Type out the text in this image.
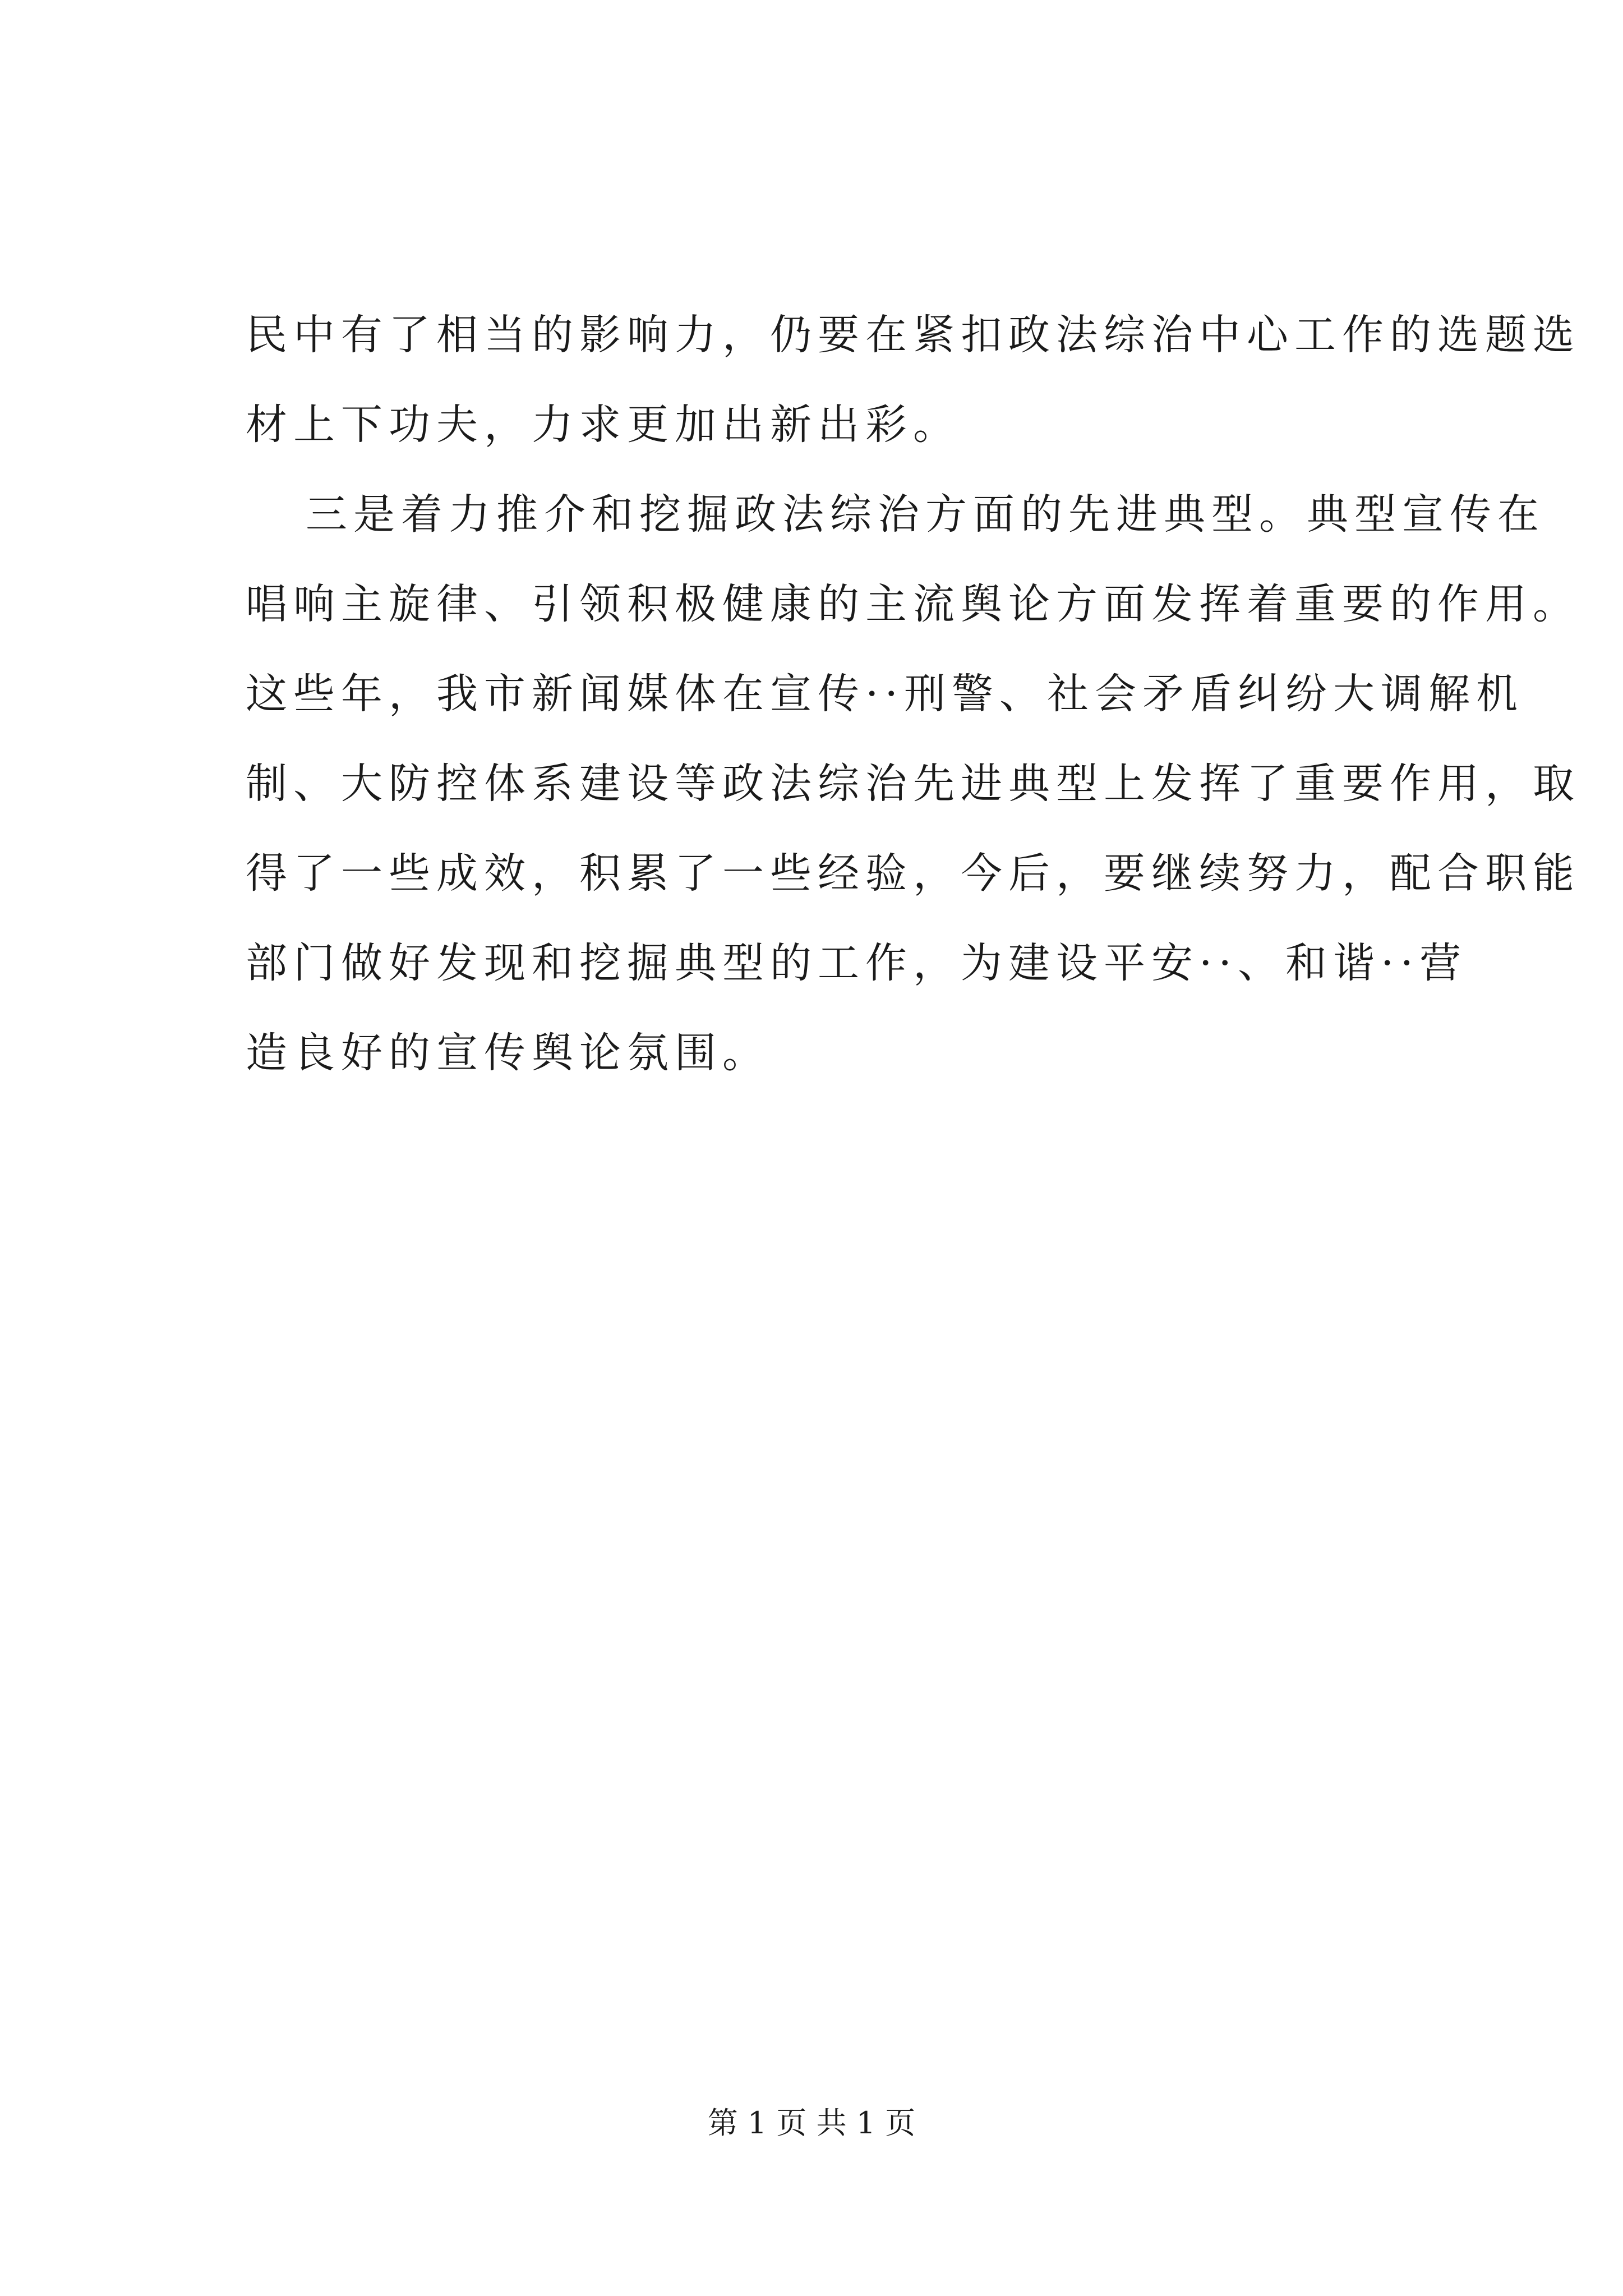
民中有了相当的影响力，仍要在紧扣政法综治中心工作的选题选
材上下功夫，力求更加出新出彩。
三是着力推介和挖掘政法综治方面的先进典型。典型宣传在
唱响主旋律、引领积极健康的主流舆论方面发挥着重要的作用。
这些年，我市新闻媒体在宣传··刑警、社会矛盾纠纷大调解机
制、大防控体系建设等政法综治先进典型上发挥了重要作用，取
得了一些成效，积累了一些经验，今后，要继续努力，配合职能
部门做好发现和挖掘典型的工作，为建设平安··、和谐··营
造良好的宣传舆论氛围。
第 1 页 共 1 页
